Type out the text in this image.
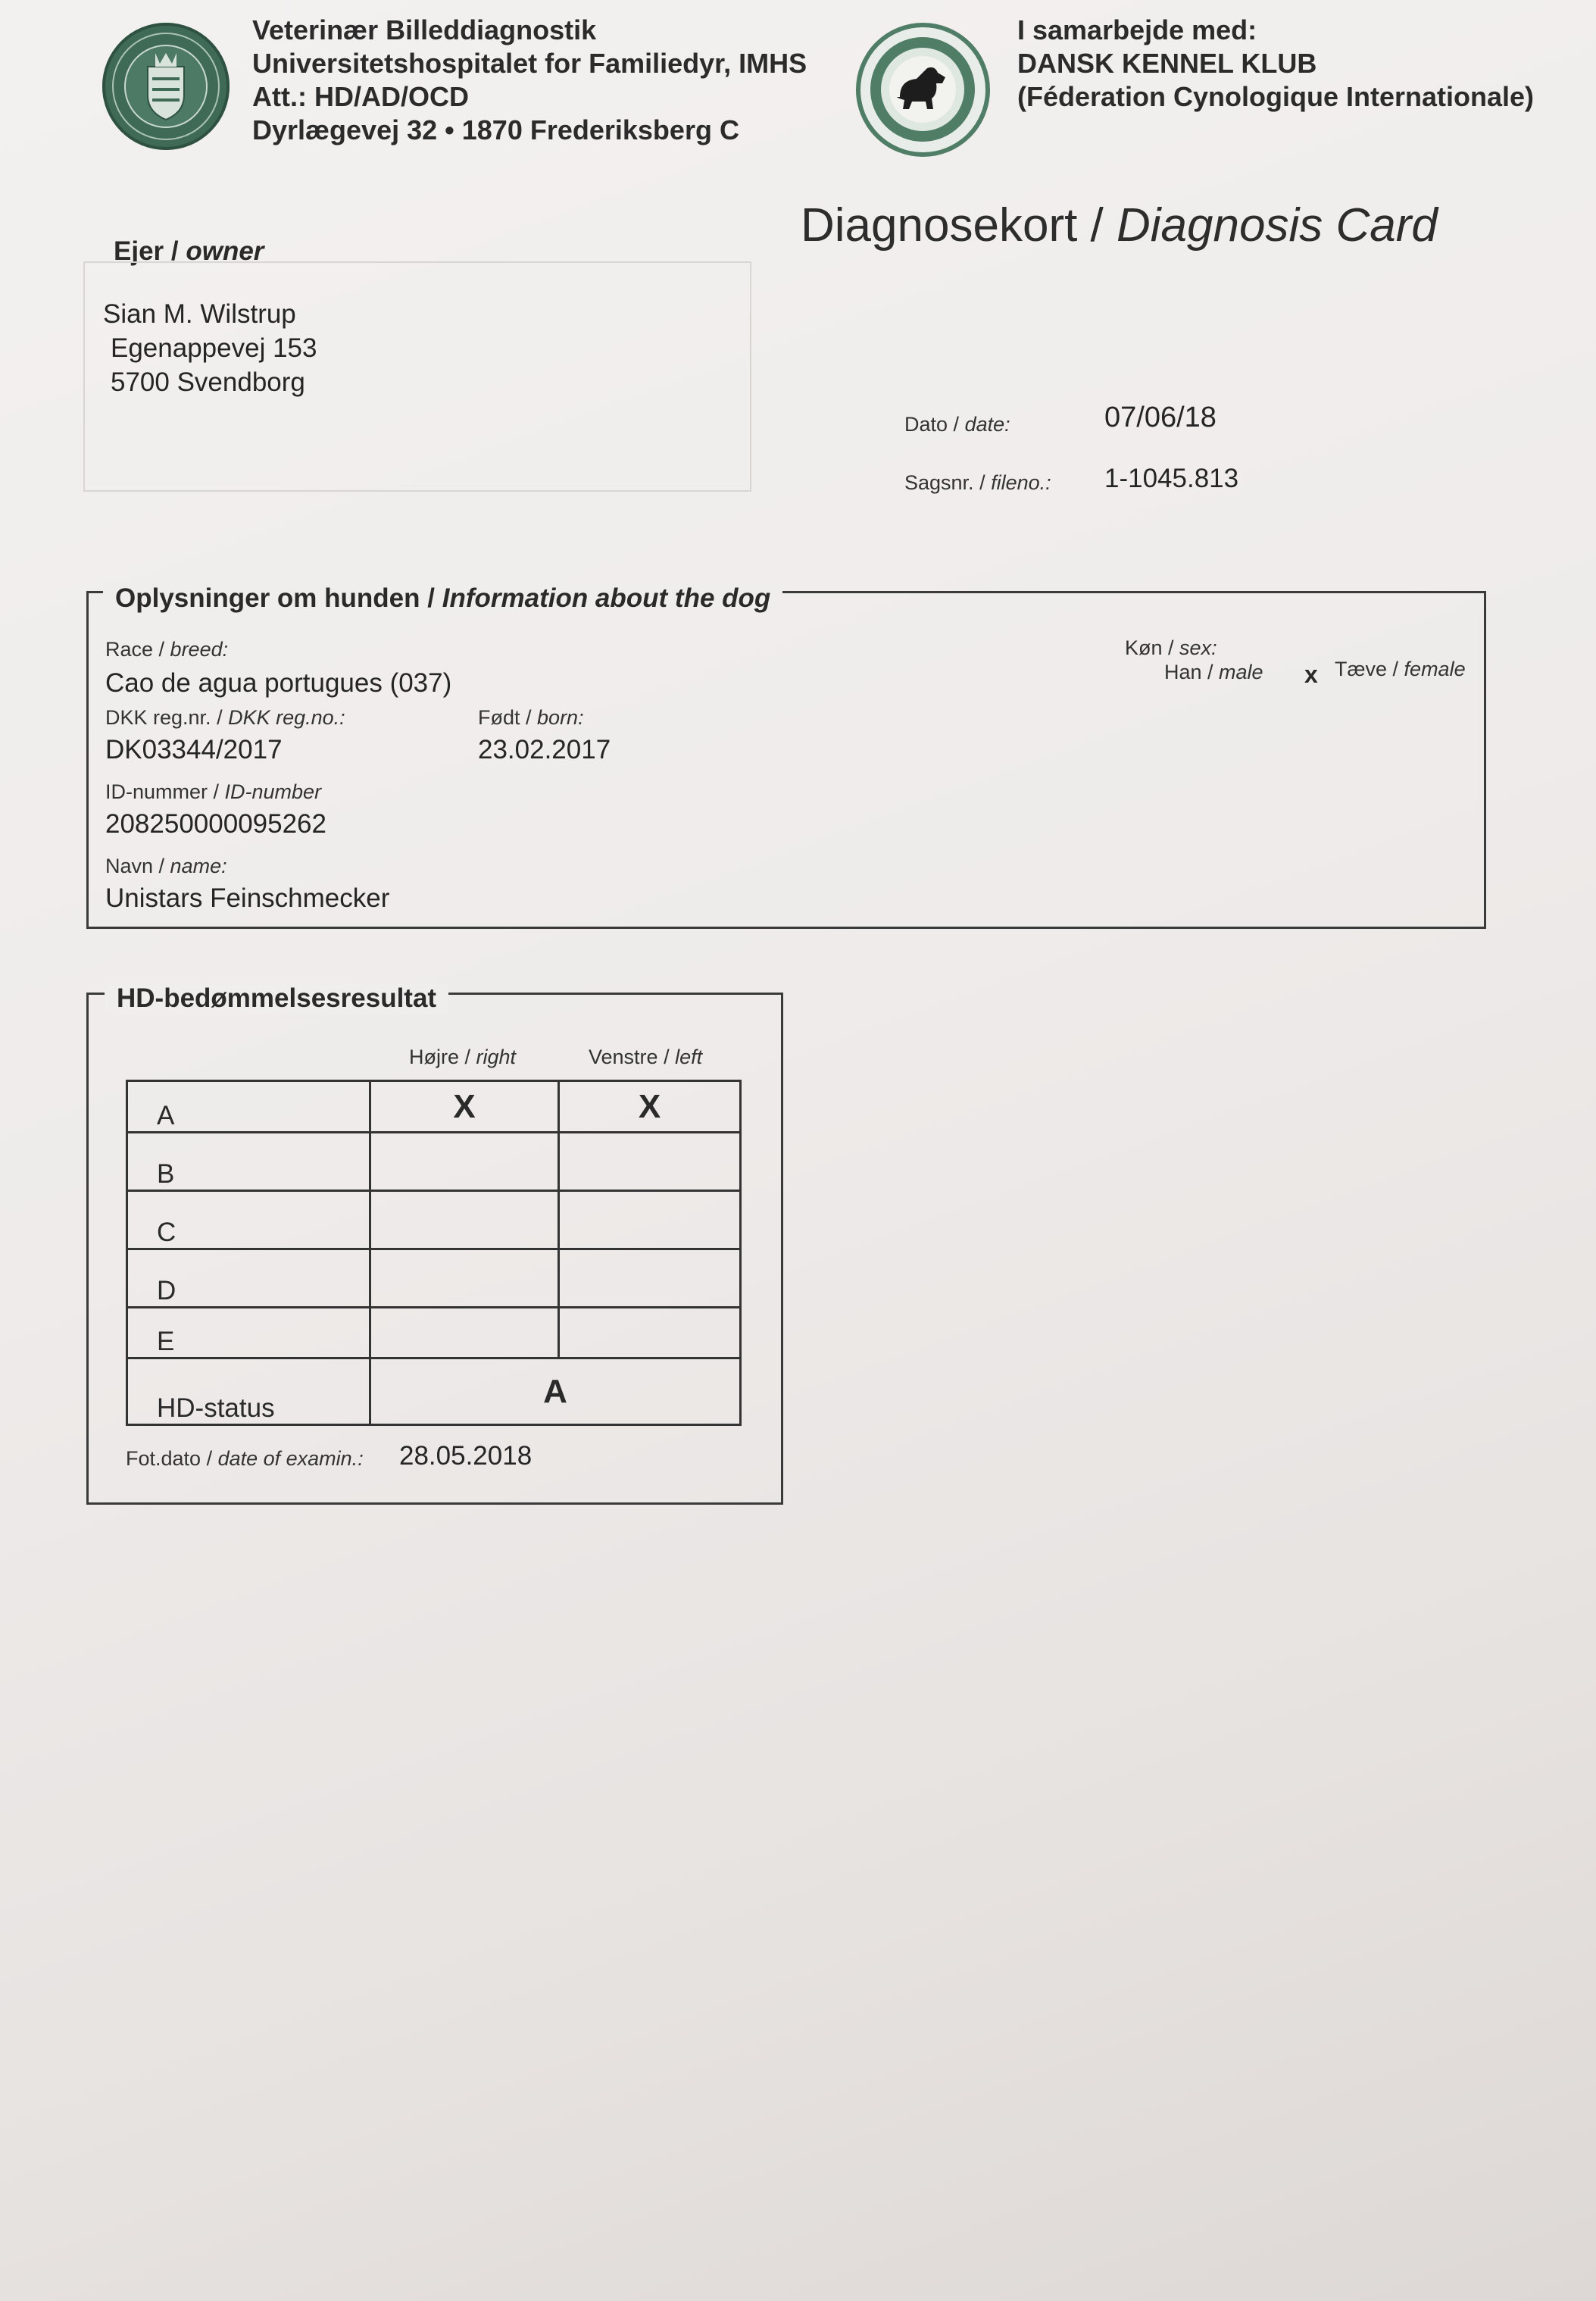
Veterinær Billeddiagnostik
Universitetshospitalet for Familiedyr, IMHS
Att.: HD/AD/OCD
Dyrlægevej 32 • 1870 Frederiksberg C
I samarbejde med:
DANSK KENNEL KLUB
(Féderation Cynologique Internationale)
Diagnosekort / Diagnosis Card
Ejer / owner
Sian M. Wilstrup
Egenappevej 153
5700 Svendborg
Dato / date:	07/06/18
Sagsnr. / fileno.: 1-1045.813
Oplysninger om hunden / Information about the dog
Race / breed:
Cao de agua portugues (037)
DKK reg.nr. / DKK reg.no.:
DK03344/2017
Født / born:
23.02.2017
ID-nummer / ID-number
208250000095262
Navn / name:
Unistars Feinschmecker
Køn / sex:
Han / male x Tæve / female
HD-bedømmelsesresultat
Højre / right	Venstre / left
A	X	X
B		
C		
D		
E		
HD-status	A	
Fot.dato / date of examin.: 28.05.2018
